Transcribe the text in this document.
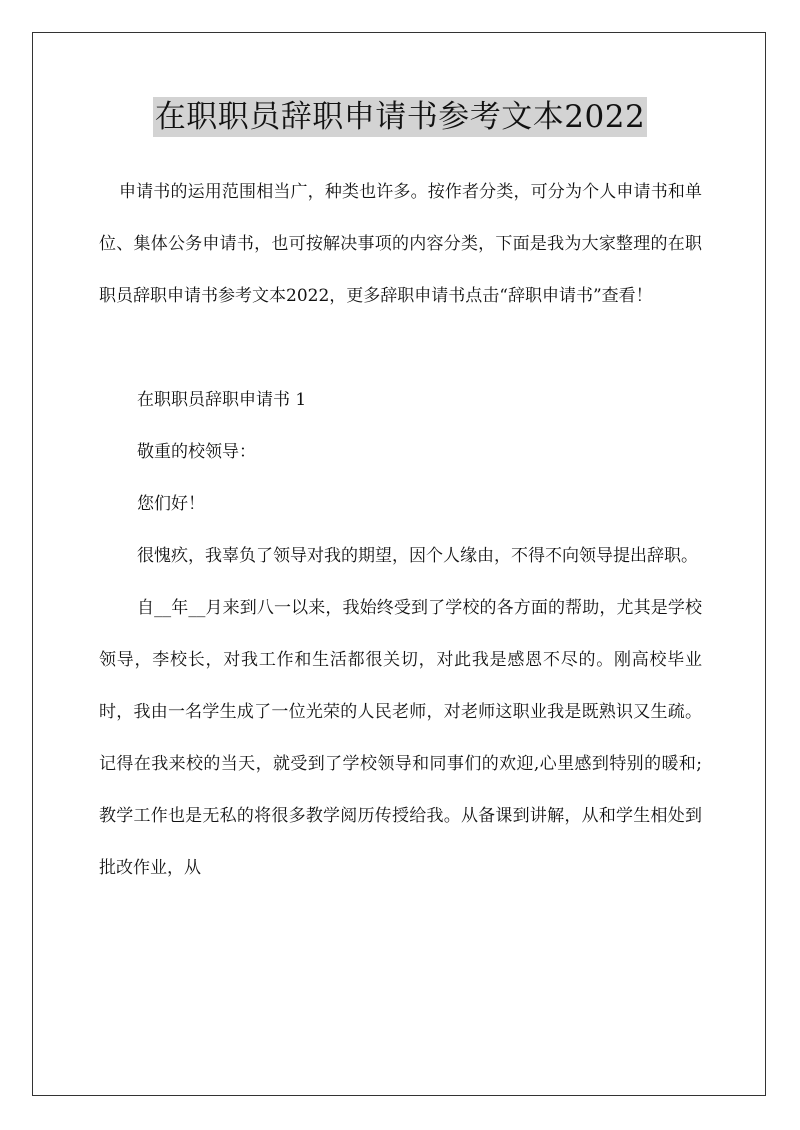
在职职员辞职申请书参考文本2022

申请书的运用范围相当广，种类也许多。按作者分类，可分为个人申请书和单位、集体公务申请书，也可按解决事项的内容分类，下面是我为大家整理的在职职员辞职申请书参考文本2022，更多辞职申请书点击“辞职申请书”查看！

在职职员辞职申请书 1

敬重的校领导：

您们好！

很愧疚，我辜负了领导对我的期望，因个人缘由，不得不向领导提出辞职。

自__年__月来到八一以来，我始终受到了学校的各方面的帮助，尤其是学校领导，李校长，对我工作和生活都很关切，对此我是感恩不尽的。刚高校毕业时，我由一名学生成了一位光荣的人民老师，对老师这职业我是既熟识又生疏。记得在我来校的当天，就受到了学校领导和同事们的欢迎,心里感到特别的暖和;教学工作也是无私的将很多教学阅历传授给我。从备课到讲解，从和学生相处到批改作业，从
